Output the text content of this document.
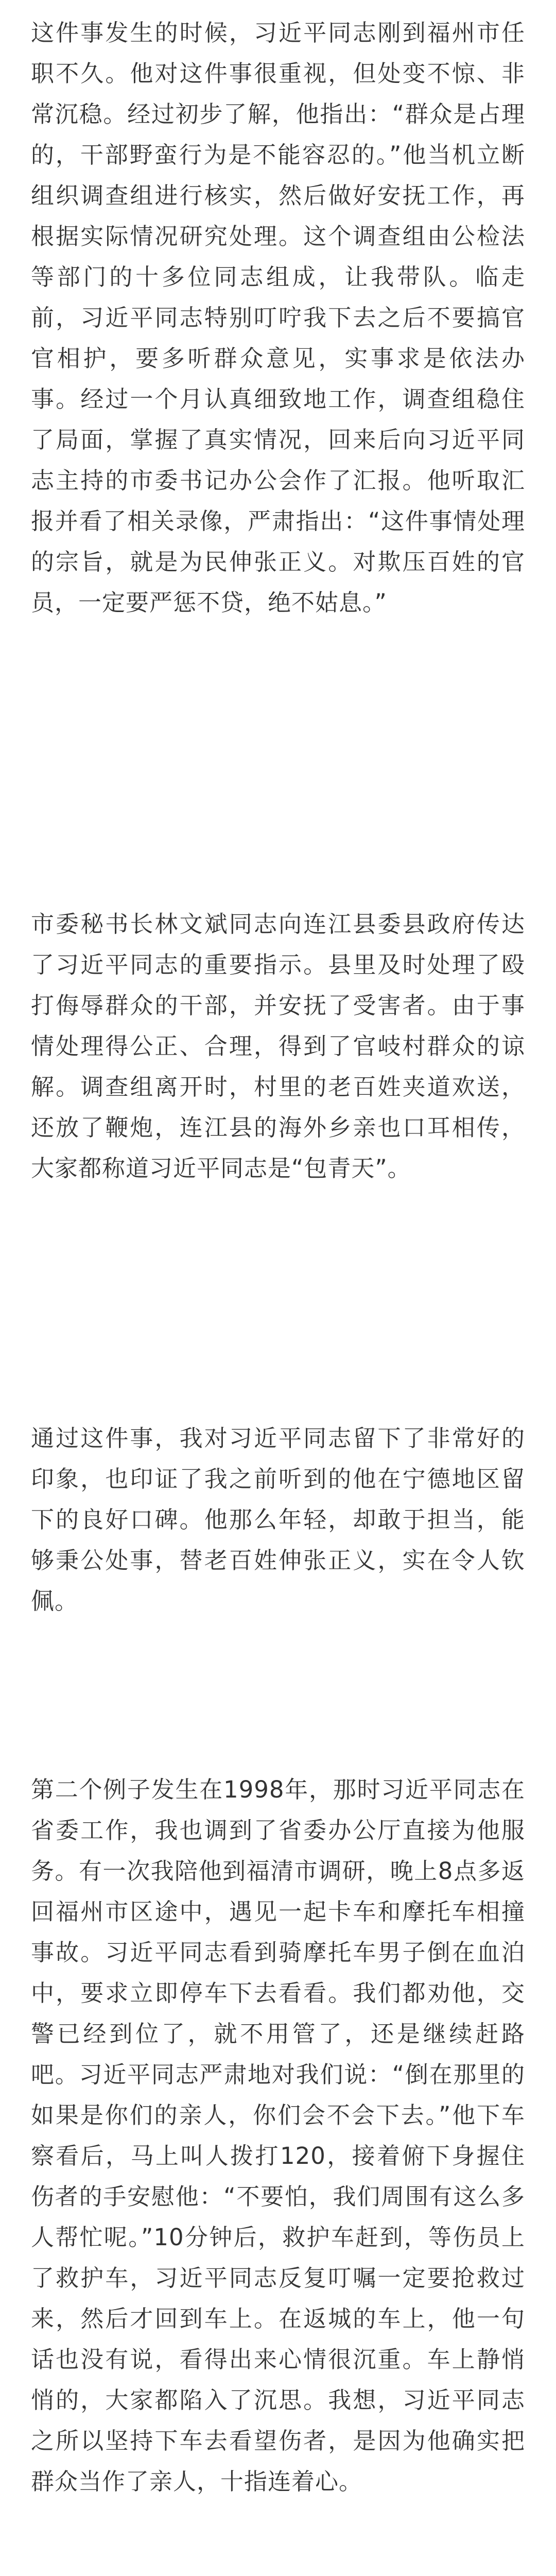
这件事发生的时候，习近平同志刚到福州市任职不久。他对这件事很重视，但处变不惊、非常沉稳。经过初步了解，他指出：“群众是占理的，干部野蛮行为是不能容忍的。”他当机立断组织调查组进行核实，然后做好安抚工作，再根据实际情况研究处理。这个调查组由公检法等部门的十多位同志组成，让我带队。临走前，习近平同志特别叮咛我下去之后不要搞官官相护，要多听群众意见，实事求是依法办事。经过一个月认真细致地工作，调查组稳住了局面，掌握了真实情况，回来后向习近平同志主持的市委书记办公会作了汇报。他听取汇报并看了相关录像，严肃指出：“这件事情处理的宗旨，就是为民伸张正义。对欺压百姓的官员，一定要严惩不贷，绝不姑息。”

市委秘书长林文斌同志向连江县委县政府传达了习近平同志的重要指示。县里及时处理了殴打侮辱群众的干部，并安抚了受害者。由于事情处理得公正、合理，得到了官岐村群众的谅解。调查组离开时，村里的老百姓夹道欢送，还放了鞭炮，连江县的海外乡亲也口耳相传，大家都称道习近平同志是“包青天”。

通过这件事，我对习近平同志留下了非常好的印象，也印证了我之前听到的他在宁德地区留下的良好口碑。他那么年轻，却敢于担当，能够秉公处事，替老百姓伸张正义，实在令人钦佩。

第二个例子发生在1998年，那时习近平同志在省委工作，我也调到了省委办公厅直接为他服务。有一次我陪他到福清市调研，晚上8点多返回福州市区途中，遇见一起卡车和摩托车相撞事故。习近平同志看到骑摩托车男子倒在血泊中，要求立即停车下去看看。我们都劝他，交警已经到位了，就不用管了，还是继续赶路吧。习近平同志严肃地对我们说：“倒在那里的如果是你们的亲人，你们会不会下去。”他下车察看后，马上叫人拨打120，接着俯下身握住伤者的手安慰他：“不要怕，我们周围有这么多人帮忙呢。”10分钟后，救护车赶到，等伤员上了救护车，习近平同志反复叮嘱一定要抢救过来，然后才回到车上。在返城的车上，他一句话也没有说，看得出来心情很沉重。车上静悄悄的，大家都陷入了沉思。我想，习近平同志之所以坚持下车去看望伤者，是因为他确实把群众当作了亲人，十指连着心。
